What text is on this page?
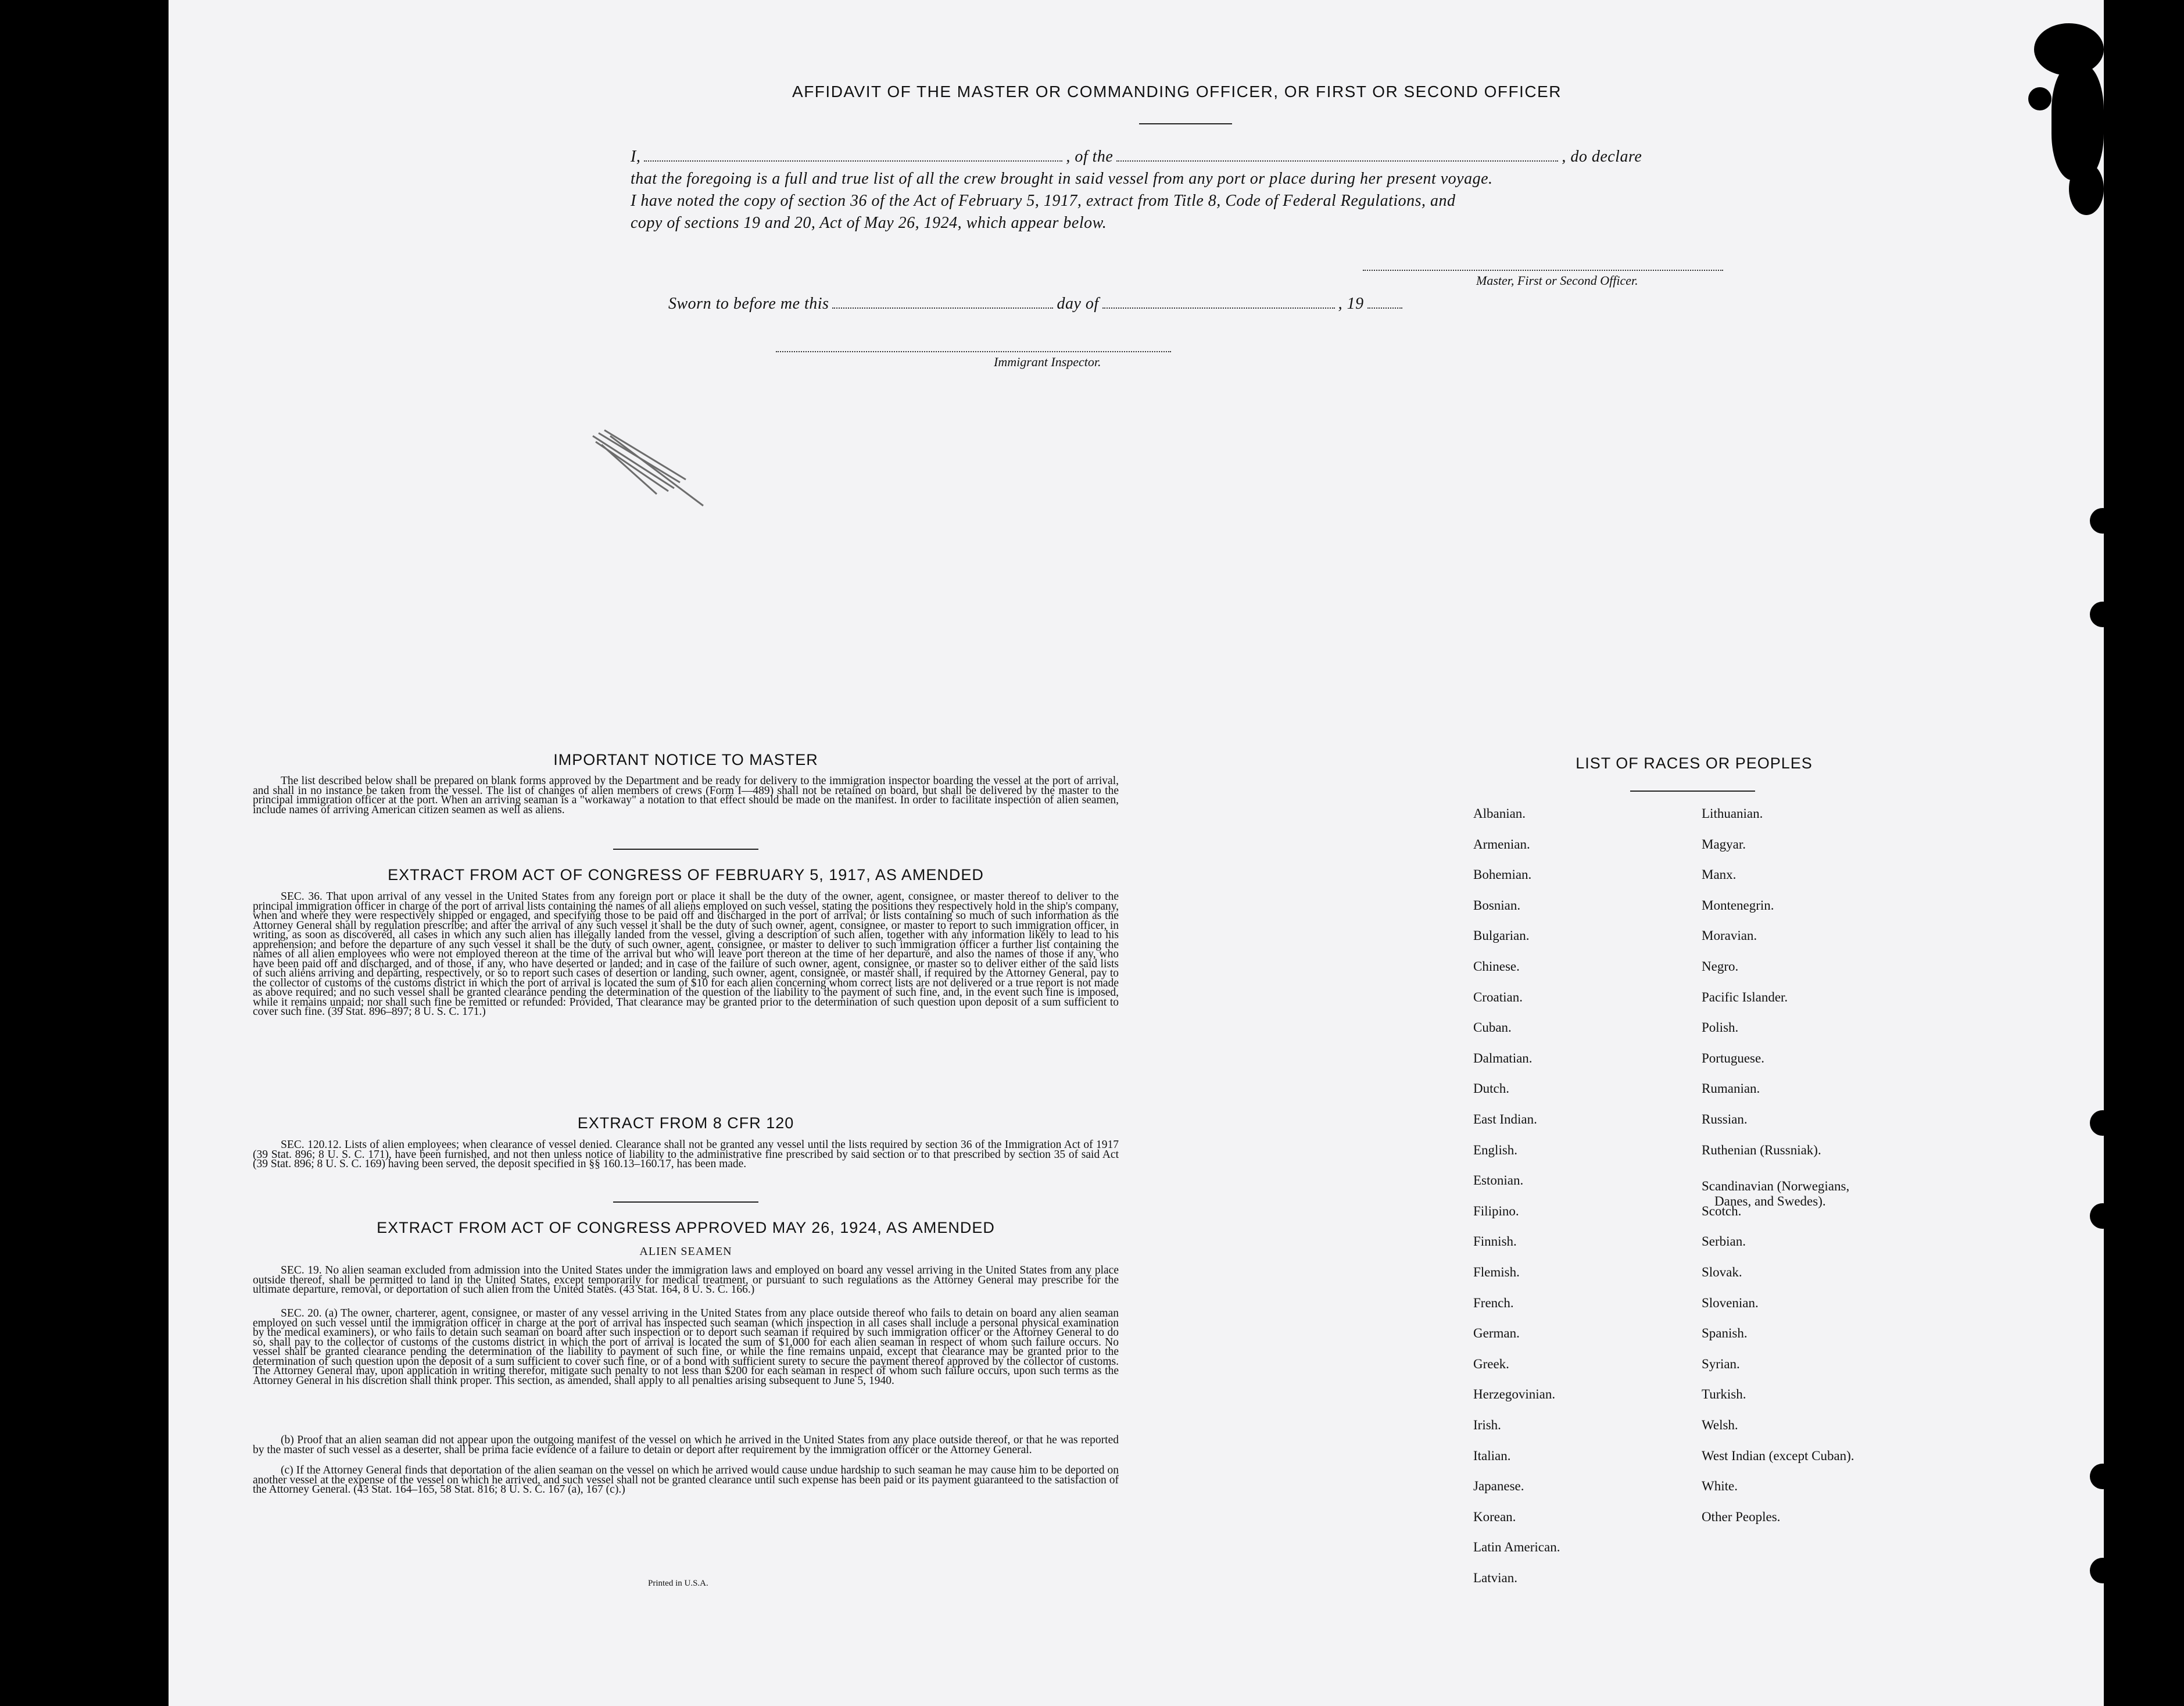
AFFIDAVIT OF THE MASTER OR COMMANDING OFFICER, OR FIRST OR SECOND OFFICER
I,	, of the	, do declare
that the foregoing is a full and true list of all the crew brought in said vessel from any port or place during her present voyage.
I have noted the copy of section 36 of the Act of February 5, 1917, extract from Title 8, Code of Federal Regulations, and
copy of sections 19 and 20, Act of May 26, 1924, which appear below.
Master, First or Second Officer.
Sworn to before me this	day of	, 19
Immigrant Inspector.
IMPORTANT NOTICE TO MASTER
The list described below shall be prepared on blank forms approved by the Department and be ready for delivery to the immigration inspector boarding the vessel at the port of arrival, and shall in no instance be taken from the vessel. The list of changes of alien members of crews (Form I—489) shall not be retained on board, but shall be delivered by the master to the principal immigration officer at the port. When an arriving seaman is a "workaway" a notation to that effect should be made on the manifest. In order to facilitate inspection of alien seamen, include names of arriving American citizen seamen as well as aliens.
EXTRACT FROM ACT OF CONGRESS OF FEBRUARY 5, 1917, AS AMENDED
SEC. 36. That upon arrival of any vessel in the United States from any foreign port or place it shall be the duty of the owner, agent, consignee, or master thereof to deliver to the principal immigration officer in charge of the port of arrival lists containing the names of all aliens employed on such vessel, stating the positions they respectively hold in the ship's company, when and where they were respectively shipped or engaged, and specifying those to be paid off and discharged in the port of arrival; or lists containing so much of such information as the Attorney General shall by regulation prescribe; and after the arrival of any such vessel it shall be the duty of such owner, agent, consignee, or master to report to such immigration officer, in writing, as soon as discovered, all cases in which any such alien has illegally landed from the vessel, giving a description of such alien, together with any information likely to lead to his apprehension; and before the departure of any such vessel it shall be the duty of such owner, agent, consignee, or master to deliver to such immigration officer a further list containing the names of all alien employees who were not employed thereon at the time of the arrival but who will leave port thereon at the time of her departure, and also the names of those if any, who have been paid off and discharged, and of those, if any, who have deserted or landed; and in case of the failure of such owner, agent, consignee, or master so to deliver either of the said lists of such aliens arriving and departing, respectively, or so to report such cases of desertion or landing, such owner, agent, consignee, or master shall, if required by the Attorney General, pay to the collector of customs of the customs district in which the port of arrival is located the sum of $10 for each alien concerning whom correct lists are not delivered or a true report is not made as above required; and no such vessel shall be granted clearance pending the determination of the question of the liability to the payment of such fine, and, in the event such fine is imposed, while it remains unpaid; nor shall such fine be remitted or refunded: Provided, That clearance may be granted prior to the determination of such question upon deposit of a sum sufficient to cover such fine. (39 Stat. 896–897; 8 U. S. C. 171.)
EXTRACT FROM 8 CFR 120
SEC. 120.12. Lists of alien employees; when clearance of vessel denied. Clearance shall not be granted any vessel until the lists required by section 36 of the Immigration Act of 1917 (39 Stat. 896; 8 U. S. C. 171), have been furnished, and not then unless notice of liability to the administrative fine prescribed by said section or to that prescribed by section 35 of said Act (39 Stat. 896; 8 U. S. C. 169) having been served, the deposit specified in §§ 160.13–160.17, has been made.
EXTRACT FROM ACT OF CONGRESS APPROVED MAY 26, 1924, AS AMENDED
ALIEN SEAMEN
SEC. 19. No alien seaman excluded from admission into the United States under the immigration laws and employed on board any vessel arriving in the United States from any place outside thereof, shall be permitted to land in the United States, except temporarily for medical treatment, or pursuant to such regulations as the Attorney General may prescribe for the ultimate departure, removal, or deportation of such alien from the United States. (43 Stat. 164, 8 U. S. C. 166.)
SEC. 20. (a) The owner, charterer, agent, consignee, or master of any vessel arriving in the United States from any place outside thereof who fails to detain on board any alien seaman employed on such vessel until the immigration officer in charge at the port of arrival has inspected such seaman (which inspection in all cases shall include a personal physical examination by the medical examiners), or who fails to detain such seaman on board after such inspection or to deport such seaman if required by such immigration officer or the Attorney General to do so, shall pay to the collector of customs of the customs district in which the port of arrival is located the sum of $1,000 for each alien seaman in respect of whom such failure occurs. No vessel shall be granted clearance pending the determination of the liability to payment of such fine, or while the fine remains unpaid, except that clearance may be granted prior to the determination of such question upon the deposit of a sum sufficient to cover such fine, or of a bond with sufficient surety to secure the payment thereof approved by the collector of customs. The Attorney General may, upon application in writing therefor, mitigate such penalty to not less than $200 for each seaman in respect of whom such failure occurs, upon such terms as the Attorney General in his discretion shall think proper. This section, as amended, shall apply to all penalties arising subsequent to June 5, 1940.
(b) Proof that an alien seaman did not appear upon the outgoing manifest of the vessel on which he arrived in the United States from any place outside thereof, or that he was reported by the master of such vessel as a deserter, shall be prima facie evidence of a failure to detain or deport after requirement by the immigration officer or the Attorney General.
(c) If the Attorney General finds that deportation of the alien seaman on the vessel on which he arrived would cause undue hardship to such seaman he may cause him to be deported on another vessel at the expense of the vessel on which he arrived, and such vessel shall not be granted clearance until such expense has been paid or its payment guaranteed to the satisfaction of the Attorney General. (43 Stat. 164–165, 58 Stat. 816; 8 U. S. C. 167 (a), 167 (c).)
Printed in U.S.A.
LIST OF RACES OR PEOPLES
Albanian.
Armenian.
Bohemian.
Bosnian.
Bulgarian.
Chinese.
Croatian.
Cuban.
Dalmatian.
Dutch.
East Indian.
English.
Estonian.
Filipino.
Finnish.
Flemish.
French.
German.
Greek.
Herzegovinian.
Irish.
Italian.
Japanese.
Korean.
Latin American.
Latvian.
Lithuanian.
Magyar.
Manx.
Montenegrin.
Moravian.
Negro.
Pacific Islander.
Polish.
Portuguese.
Rumanian.
Russian.
Ruthenian (Russniak).
Scandinavian (Norwegians,
Danes, and Swedes).
Scotch.
Serbian.
Slovak.
Slovenian.
Spanish.
Syrian.
Turkish.
Welsh.
West Indian (except Cuban).
White.
Other Peoples.
